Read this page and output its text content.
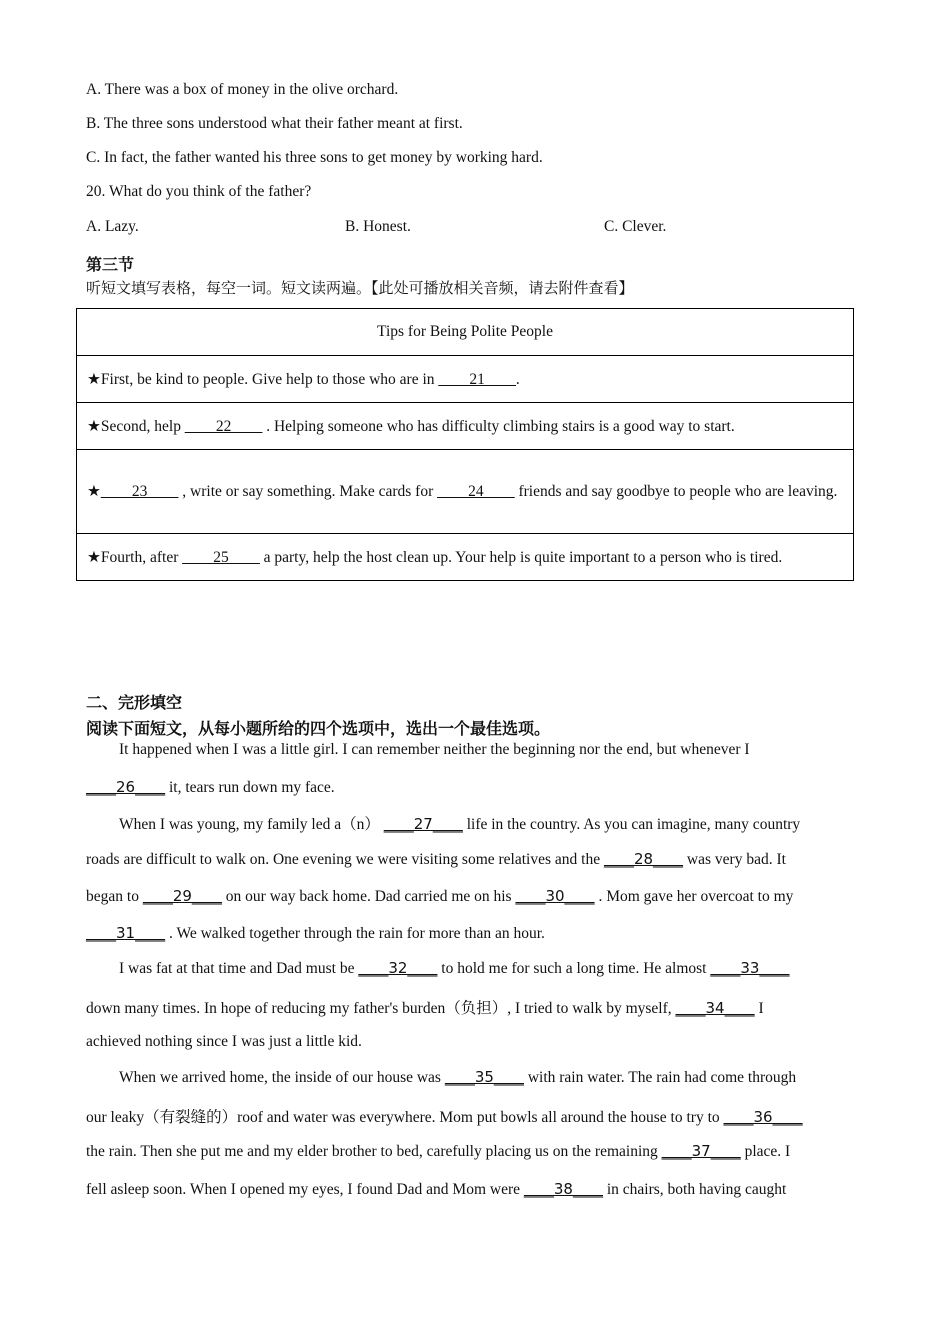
A. There was a box of money in the olive orchard.
B. The three sons understood what their father meant at first.
C. In fact, the father wanted his three sons to get money by working hard.
20. What do you think of the father?
A. Lazy.	B. Honest.	C. Clever.
第三节
听短文填写表格，每空一词。短文读两遍。【此处可播放相关音频，请去附件查看】
Tips for Being Polite People
★First, be kind to people. Give help to those who are in ____21____.
★Second, help ____22____ . Helping someone who has difficulty climbing stairs is a good way to start.
★____23____ , write or say something. Make cards for ____24____ friends and say goodbye to people who are leaving.
★Fourth, after ____25____ a party, help the host clean up. Your help is quite important to a person who is tired.
二、完形填空
阅读下面短文，从每小题所给的四个选项中，选出一个最佳选项。
It happened when I was a little girl. I can remember neither the beginning nor the end, but whenever I
____26____ it, tears run down my face.
When I was young, my family led a（n） ____27____ life in the country. As you can imagine, many country
roads are difficult to walk on. One evening we were visiting some relatives and the ____28____ was very bad. It
began to ____29____ on our way back home. Dad carried me on his ____30____ . Mom gave her overcoat to my
____31____ . We walked together through the rain for more than an hour.
I was fat at that time and Dad must be ____32____ to hold me for such a long time. He almost ____33____
down many times. In hope of reducing my father's burden（负担）, I tried to walk by myself, ____34____ I
achieved nothing since I was just a little kid.
When we arrived home, the inside of our house was ____35____ with rain water. The rain had come through
our leaky（有裂缝的）roof and water was everywhere. Mom put bowls all around the house to try to ____36____
the rain. Then she put me and my elder brother to bed, carefully placing us on the remaining ____37____ place. I
fell asleep soon. When I opened my eyes, I found Dad and Mom were ____38____ in chairs, both having caught
